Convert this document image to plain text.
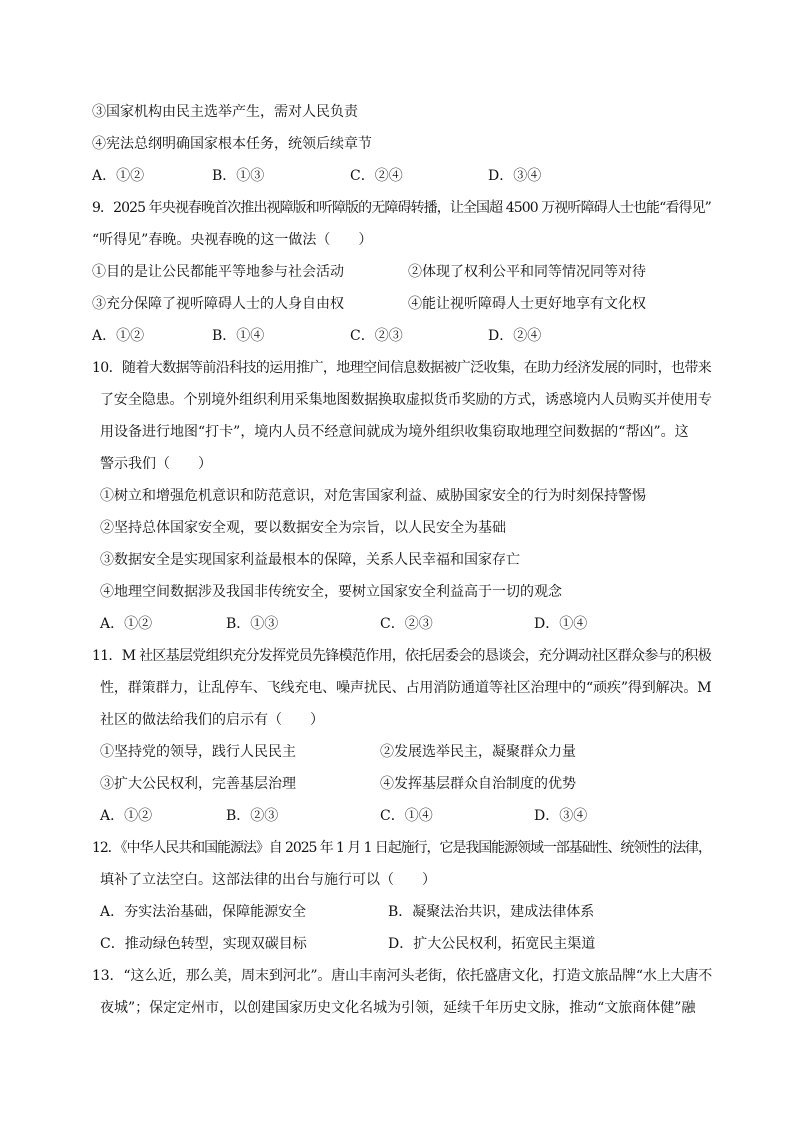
③国家机构由民主选举产生，需对人民负责
④宪法总纲明确国家根本任务，统领后续章节
A．①②	B．①③	C．②④	D．③④
9．2025 年央视春晚首次推出视障版和听障版的无障碍转播，让全国超 4500 万视听障碍人士也能“看得见”
“听得见”春晚。央视春晚的这一做法（　　）
①目的是让公民都能平等地参与社会活动	②体现了权利公平和同等情况同等对待
③充分保障了视听障碍人士的人身自由权	④能让视听障碍人士更好地享有文化权
A．①②	B．①④	C．②③	D．②④
10．随着大数据等前沿科技的运用推广，地理空间信息数据被广泛收集，在助力经济发展的同时，也带来
了安全隐患。个别境外组织利用采集地图数据换取虚拟货币奖励的方式，诱惑境内人员购买并使用专
用设备进行地图“打卡”，境内人员不经意间就成为境外组织收集窃取地理空间数据的“帮凶”。这
警示我们（　　）
①树立和增强危机意识和防范意识，对危害国家利益、威胁国家安全的行为时刻保持警惕
②坚持总体国家安全观，要以数据安全为宗旨，以人民安全为基础
③数据安全是实现国家利益最根本的保障，关系人民幸福和国家存亡
④地理空间数据涉及我国非传统安全，要树立国家安全利益高于一切的观念
A．①②	B．①③	C．②③	D．①④
11．M 社区基层党组织充分发挥党员先锋模范作用，依托居委会的恳谈会，充分调动社区群众参与的积极
性，群策群力，让乱停车、飞线充电、噪声扰民、占用消防通道等社区治理中的“顽疾”得到解决。M
社区的做法给我们的启示有（　　）
①坚持党的领导，践行人民民主	②发展选举民主，凝聚群众力量
③扩大公民权利，完善基层治理	④发挥基层群众自治制度的优势
A．①②	B．②③	C．①④	D．③④
12．《中华人民共和国能源法》自 2025 年 1 月 1 日起施行，它是我国能源领域一部基础性、统领性的法律，
填补了立法空白。这部法律的出台与施行可以（　　）
A．夯实法治基础，保障能源安全	B．凝聚法治共识，建成法律体系
C．推动绿色转型，实现双碳目标	D．扩大公民权利，拓宽民主渠道
13．“这么近，那么美，周末到河北”。唐山丰南河头老街，依托盛唐文化，打造文旅品牌“水上大唐不
夜城”；保定定州市，以创建国家历史文化名城为引领，延续千年历史文脉，推动“文旅商体健”融
